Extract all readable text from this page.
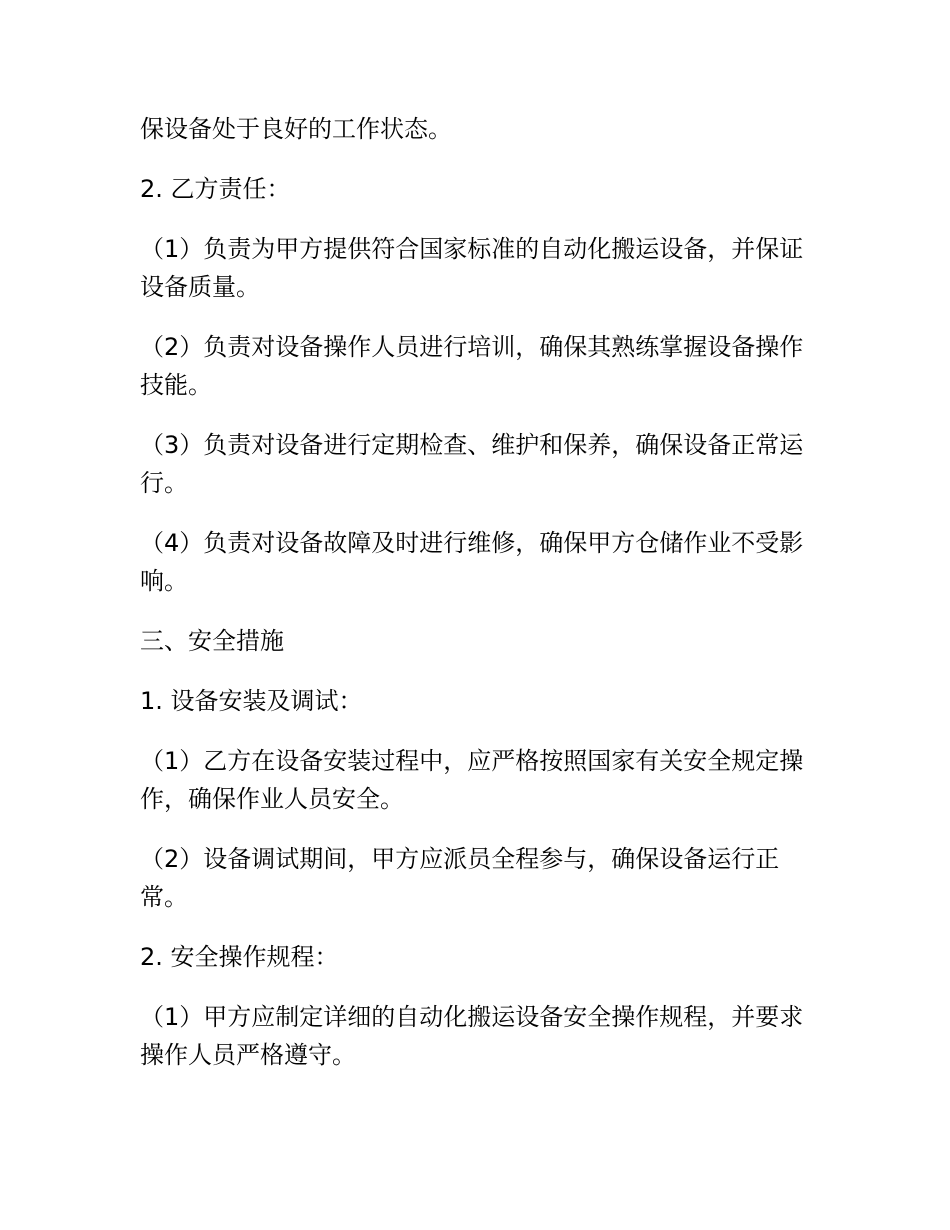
保设备处于良好的工作状态。

2. 乙方责任：

（1）负责为甲方提供符合国家标准的自动化搬运设备，并保证设备质量。

（2）负责对设备操作人员进行培训，确保其熟练掌握设备操作技能。

（3）负责对设备进行定期检查、维护和保养，确保设备正常运行。

（4）负责对设备故障及时进行维修，确保甲方仓储作业不受影响。

三、安全措施

1. 设备安装及调试：

（1）乙方在设备安装过程中，应严格按照国家有关安全规定操作，确保作业人员安全。

（2）设备调试期间，甲方应派员全程参与，确保设备运行正常。

2. 安全操作规程：

（1）甲方应制定详细的自动化搬运设备安全操作规程，并要求操作人员严格遵守。
